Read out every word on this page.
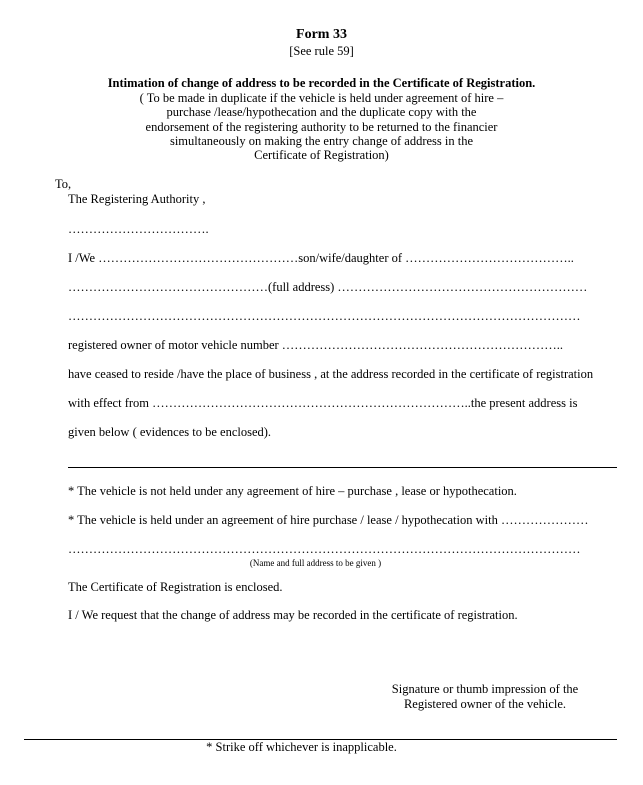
Form 33
[See rule 59]
Intimation of change of address to be recorded in the Certificate of Registration.
( To be made in duplicate if the vehicle is held under agreement of hire –
purchase /lease/hypothecation and the duplicate copy with the
endorsement of the registering authority to be returned to the financier
simultaneously on making the entry change of address in the
Certificate of Registration)
To,
The Registering Authority ,
…………………………….
I /We …………………………………………son/wife/daughter of …………………………………..
…………………………………………(full address) ……………………………………………………
……………………………………………………………………………………………………………
registered owner of motor vehicle number …………………………………………………………..
have ceased to reside /have the place of business , at the address recorded in the certificate of registration
with effect from …………………………………………………………………..the present address is
given below ( evidences to be enclosed).
* The vehicle is not held under any agreement of hire – purchase , lease or hypothecation.
* The vehicle is held under an agreement of hire purchase / lease / hypothecation with …………………
……………………………………………………………………………………………………………
(Name and full address to be given )
The Certificate of Registration is enclosed.
I / We request that the change of address may be recorded in the certificate of registration.
Signature or thumb impression of the
Registered owner of the vehicle.
* Strike off whichever is inapplicable.
